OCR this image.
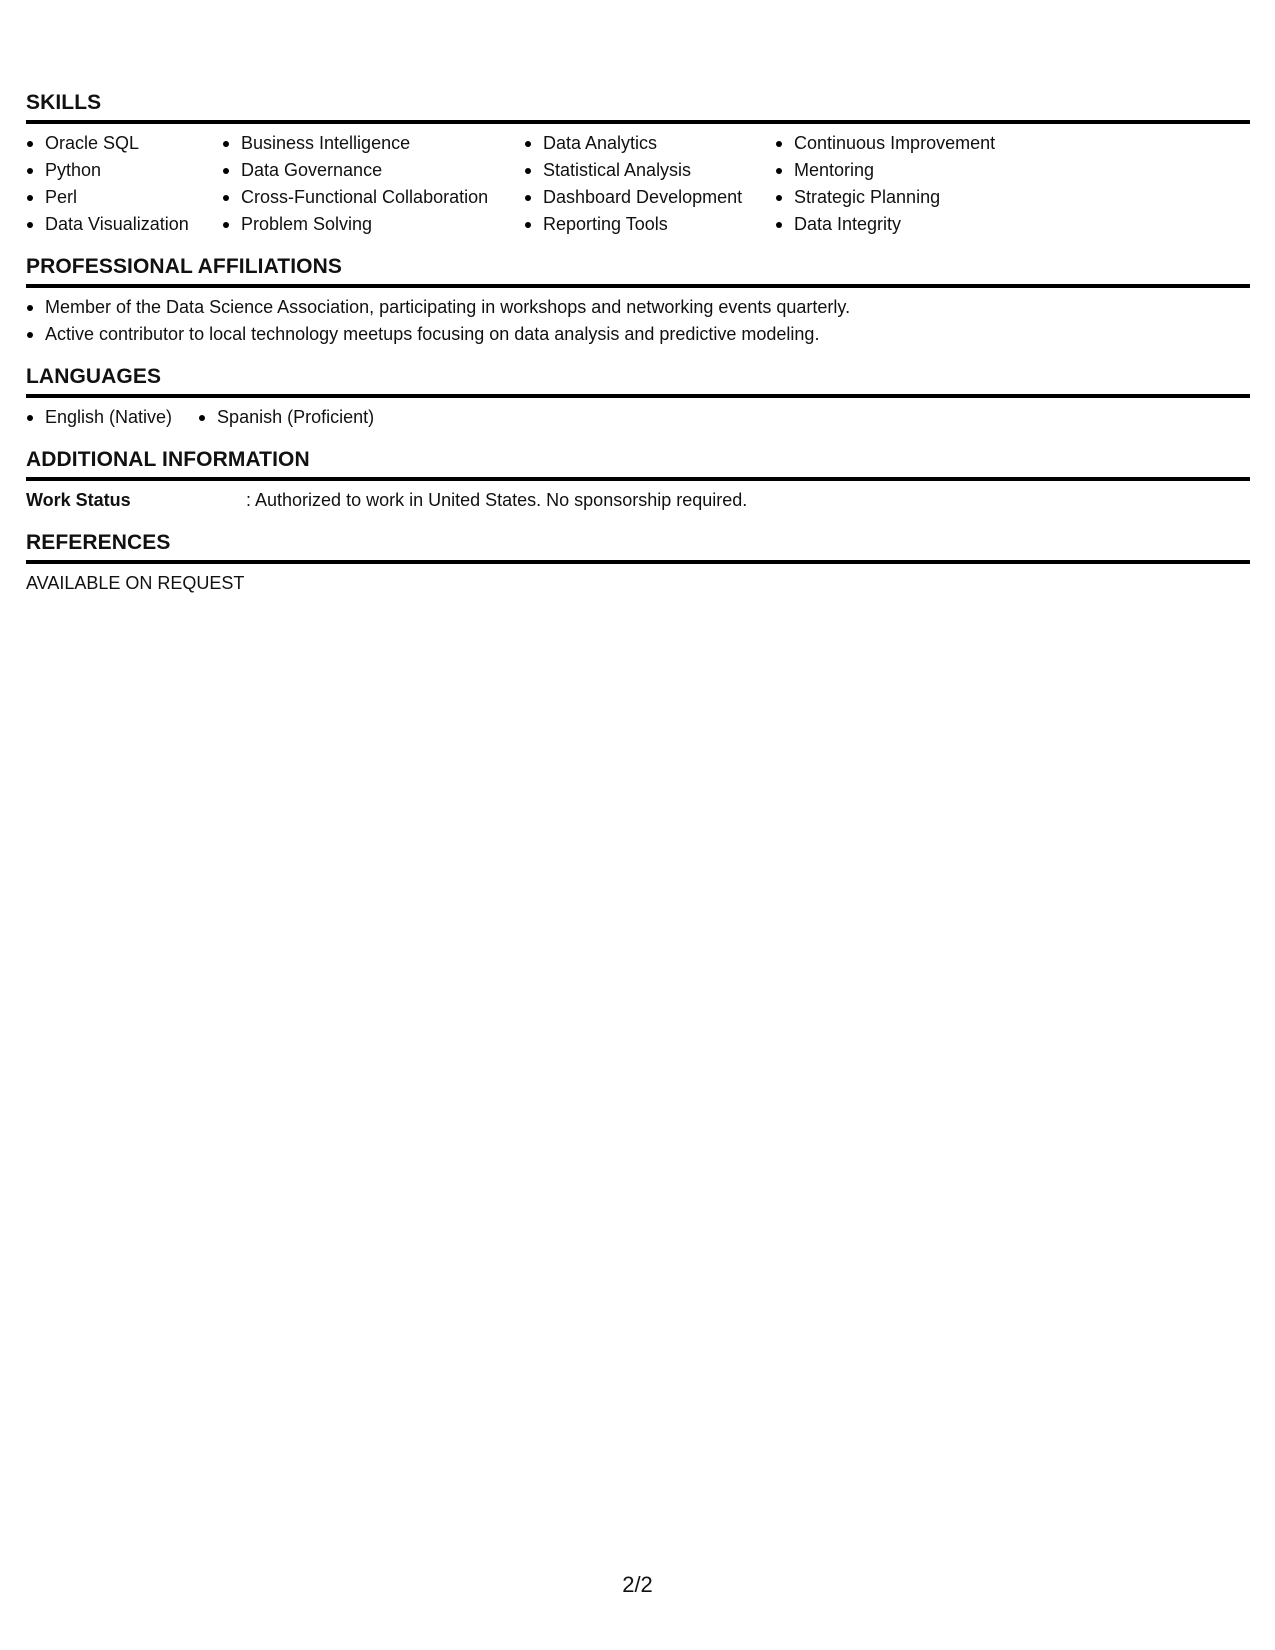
SKILLS
Oracle SQL
Python
Perl
Data Visualization
Business Intelligence
Data Governance
Cross-Functional Collaboration
Problem Solving
Data Analytics
Statistical Analysis
Dashboard Development
Reporting Tools
Continuous Improvement
Mentoring
Strategic Planning
Data Integrity
PROFESSIONAL AFFILIATIONS
Member of the Data Science Association, participating in workshops and networking events quarterly.
Active contributor to local technology meetups focusing on data analysis and predictive modeling.
LANGUAGES
English (Native)	Spanish (Proficient)
ADDITIONAL INFORMATION
Work Status	: Authorized to work in United States. No sponsorship required.
REFERENCES
AVAILABLE ON REQUEST
2/2
